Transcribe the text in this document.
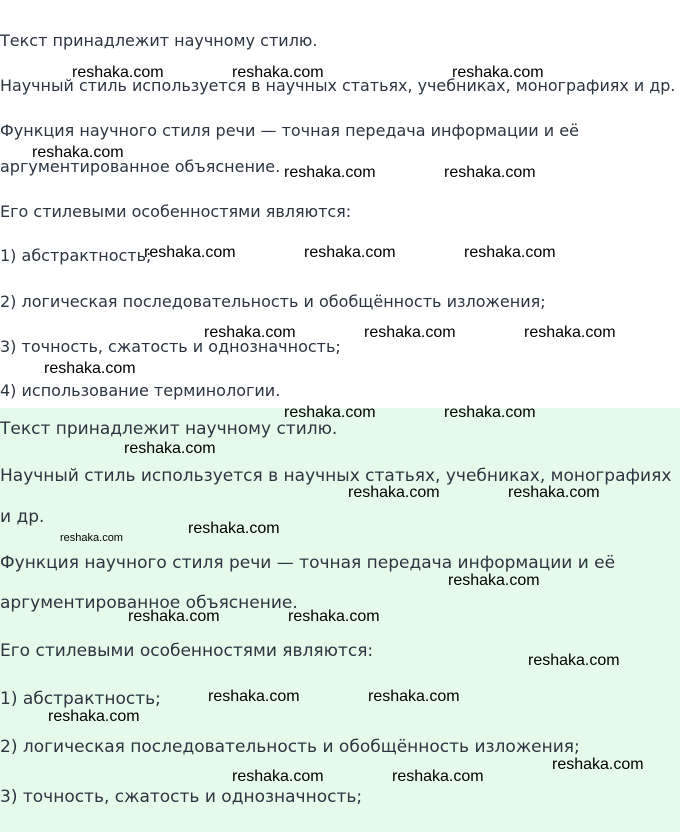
Текст принадлежит научному стилю.
Научный стиль используется в научных статьях, учебниках, монографиях и др.
Функция научного стиля речи — точная передача информации и её
аргументированное объяснение.
Его стилевыми особенностями являются:
1) абстрактность;
2) логическая последовательность и обобщённость изложения;
3) точность, сжатость и однозначность;
4) использование терминологии.
Текст принадлежит научному стилю.
Научный стиль используется в научных статьях, учебниках, монографиях
и др.
Функция научного стиля речи — точная передача информации и её
аргументированное объяснение.
Его стилевыми особенностями являются:
1) абстрактность;
2) логическая последовательность и обобщённость изложения;
3) точность, сжатость и однозначность;
reshaka.com	reshaka.com	reshaka.com
reshaka.com
reshaka.com	reshaka.com
reshaka.com	reshaka.com	reshaka.com
reshaka.com	reshaka.com	reshaka.com
reshaka.com
reshaka.com	reshaka.com
reshaka.com
reshaka.com	reshaka.com
reshaka.com
reshaka.com
reshaka.com
reshaka.com	reshaka.com
reshaka.com
reshaka.com	reshaka.com
reshaka.com
reshaka.com
reshaka.com	reshaka.com
